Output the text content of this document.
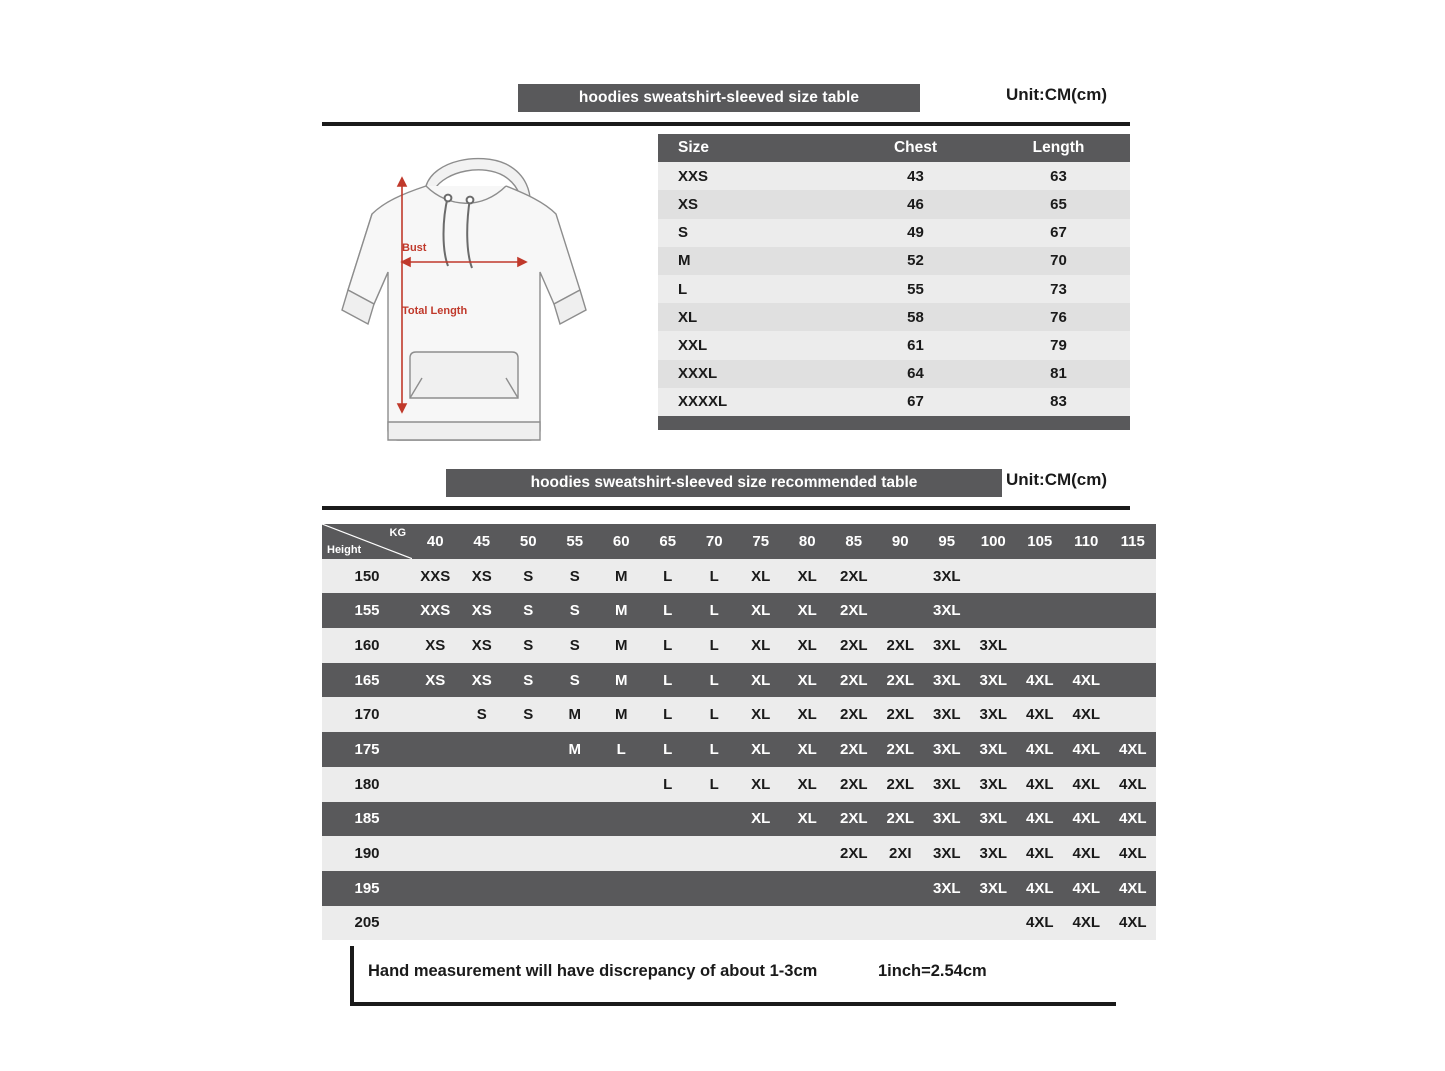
hoodies sweatshirt-sleeved size table	Unit:CM(cm)
Bust
Total Length
Size	Chest	Length
XXS	43	63
XS	46	65
S	49	67
M	52	70
L	55	73
XL	58	76
XXL	61	79
XXXL	64	81
XXXXL	67	83

hoodies sweatshirt-sleeved size recommended table	Unit:CM(cm)
KG
Height	40	45	50	55	60	65	70	75	80	85	90	95	100	105	110	115
150	XXS	XS	S	S	M	L	L	XL	XL	2XL		3XL				
155	XXS	XS	S	S	M	L	L	XL	XL	2XL		3XL				
160	XS	XS	S	S	M	L	L	XL	XL	2XL	2XL	3XL	3XL			
165	XS	XS	S	S	M	L	L	XL	XL	2XL	2XL	3XL	3XL	4XL	4XL	
170		S	S	M	M	L	L	XL	XL	2XL	2XL	3XL	3XL	4XL	4XL	
175				M	L	L	L	XL	XL	2XL	2XL	3XL	3XL	4XL	4XL	4XL
180						L	L	XL	XL	2XL	2XL	3XL	3XL	4XL	4XL	4XL
185								XL	XL	2XL	2XL	3XL	3XL	4XL	4XL	4XL
190										2XL	2XI	3XL	3XL	4XL	4XL	4XL
195												3XL	3XL	4XL	4XL	4XL
205														4XL	4XL	4XL
Hand measurement will have discrepancy of about 1-3cm	1inch=2.54cm
